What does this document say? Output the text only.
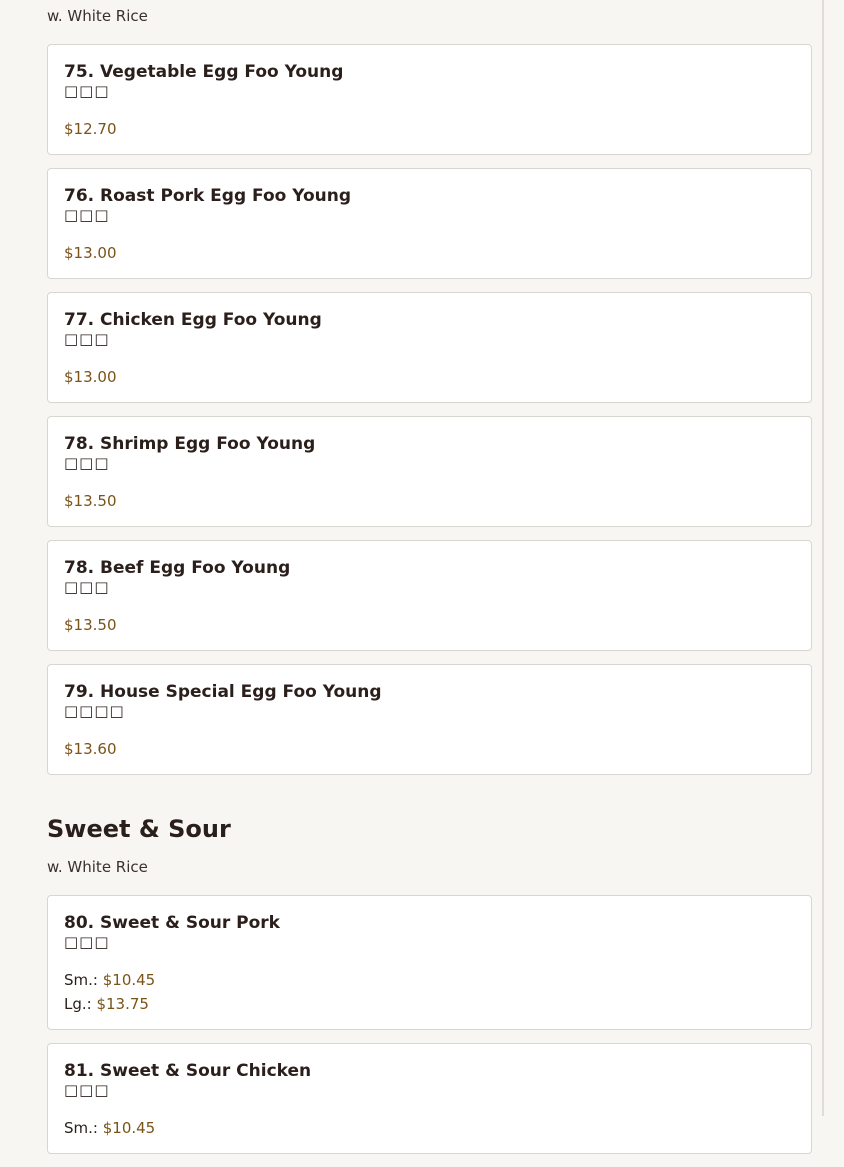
w. White Rice
75. Vegetable Egg Foo Young
□□□
$12.70
76. Roast Pork Egg Foo Young
□□□
$13.00
77. Chicken Egg Foo Young
□□□
$13.00
78. Shrimp Egg Foo Young
□□□
$13.50
78. Beef Egg Foo Young
□□□
$13.50
79. House Special Egg Foo Young
□□□□
$13.60
Sweet & Sour
w. White Rice
80. Sweet & Sour Pork
□□□
Sm.: $10.45
Lg.: $13.75
81. Sweet & Sour Chicken
□□□
Sm.: $10.45
